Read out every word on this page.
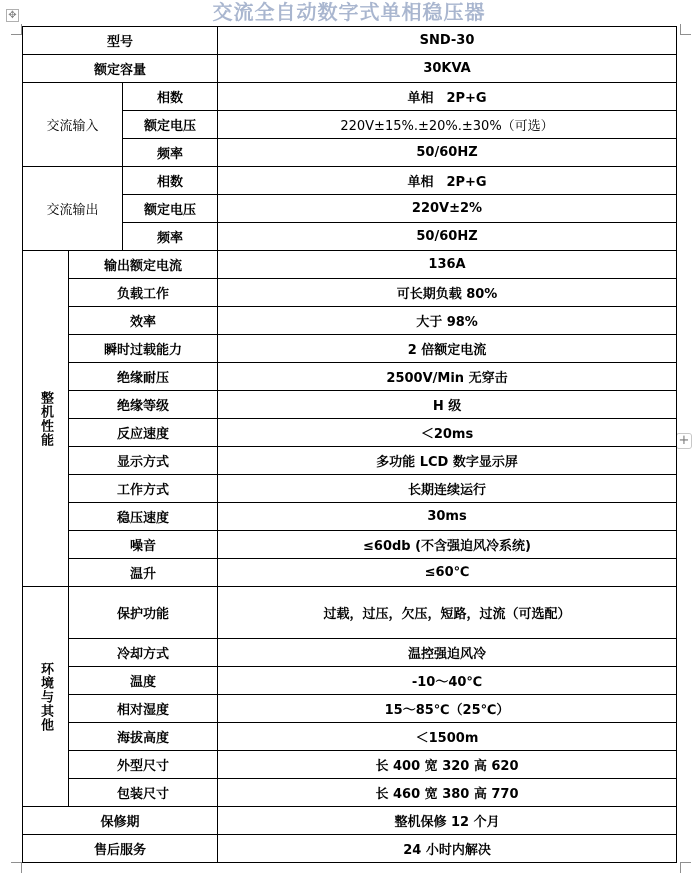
交流全自动数字式单相稳压器
✥
+
型号			SND-30
额定容量			30KVA
交流输入		相数	单相　2P+G
		额定电压	220V±15%.±20%.±30%（可选）
		频率	50/60HZ
交流输出		相数	单相　2P+G
		额定电压	220V±2%
		频率	50/60HZ
整机性能	输出额定电流		136A
	负载工作		可长期负载 80%
	效率		大于 98%
	瞬时过载能力		2 倍额定电流
	绝缘耐压		2500V/Min 无穿击
	绝缘等级		H 级
	反应速度		＜20ms
	显示方式		多功能 LCD 数字显示屏
	工作方式		长期连续运行
	稳压速度		30ms
	噪音		≤60db (不含强迫风冷系统)
	温升		≤60℃
环境与其他	保护功能		过载，过压，欠压，短路，过流（可选配）
	冷却方式		温控强迫风冷
	温度		-10～40℃
	相对湿度		15～85℃（25℃）
	海拔高度		＜1500m
	外型尺寸		长 400 宽 320 高 620
	包装尺寸		长 460 宽 380 高 770
保修期			整机保修 12 个月
售后服务			24 小时内解决
